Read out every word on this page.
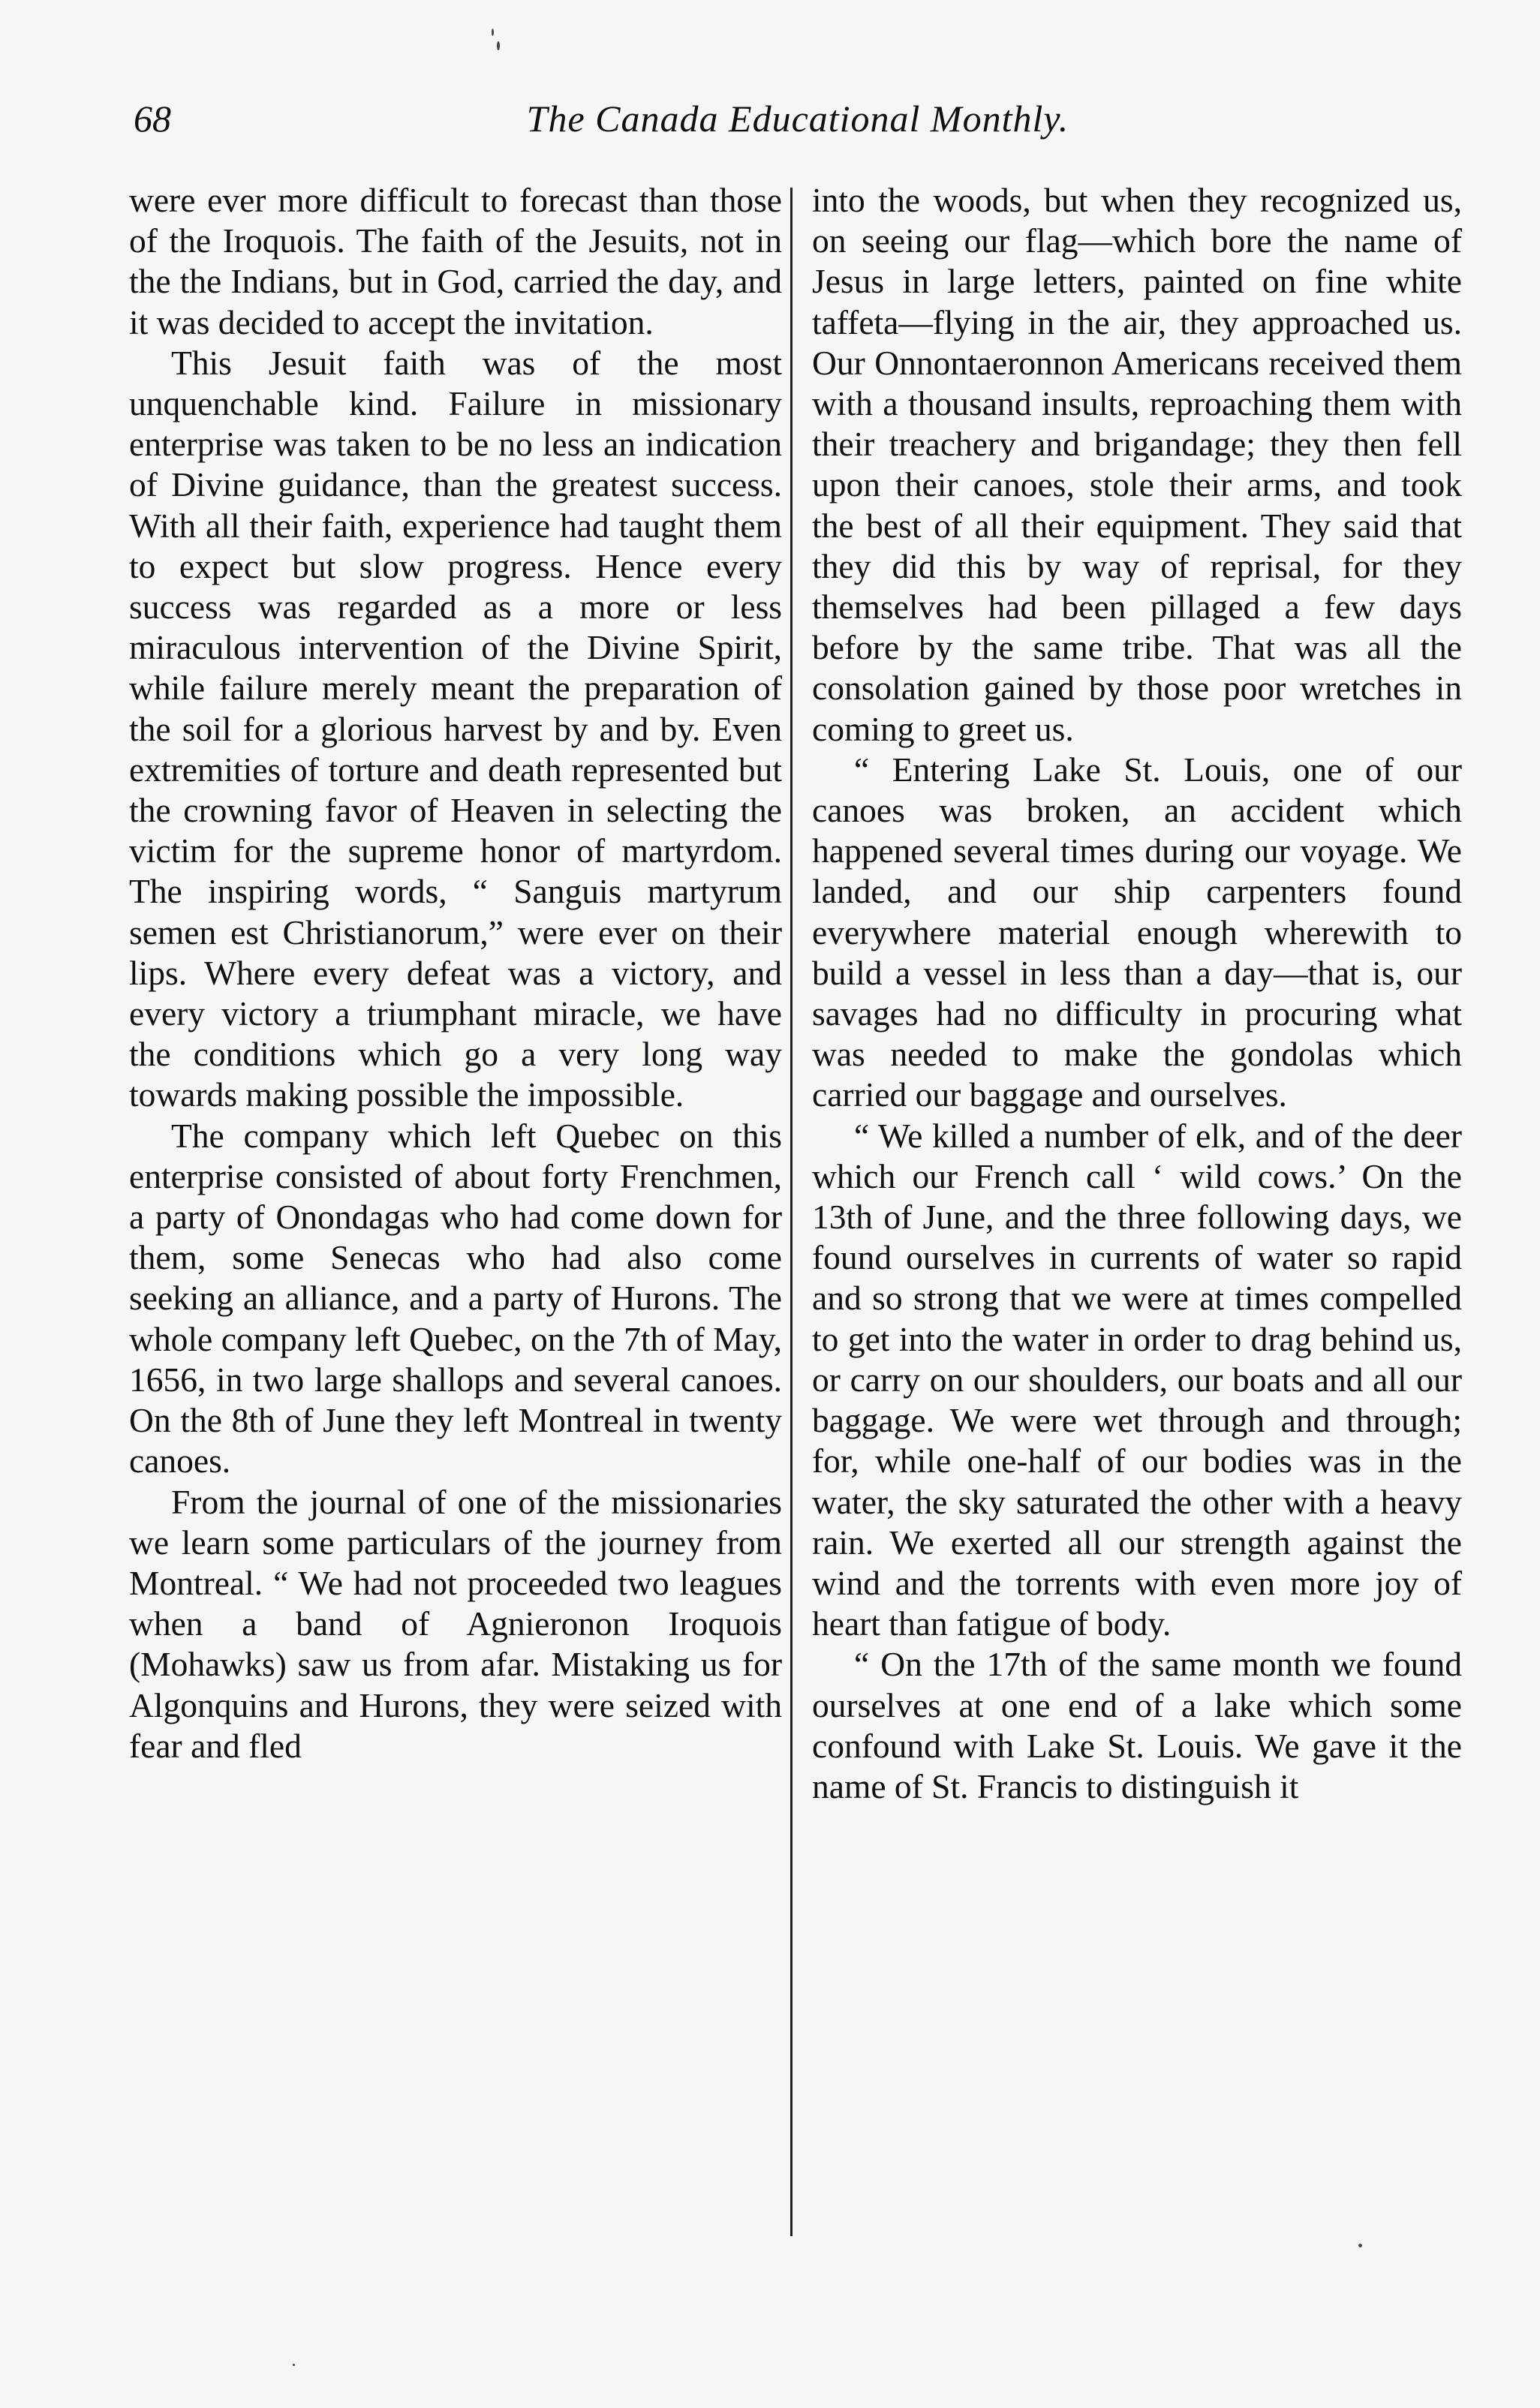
68	The Canada Educational Monthly.

were ever more difficult to forecast than those of the Iroquois. The faith of the Jesuits, not in the the Indians, but in God, carried the day, and it was decided to accept the invitation.

This Jesuit faith was of the most unquenchable kind. Failure in missionary enterprise was taken to be no less an indication of Divine guidance, than the greatest success. With all their faith, experience had taught them to expect but slow progress. Hence every success was regarded as a more or less miraculous intervention of the Divine Spirit, while failure merely meant the preparation of the soil for a glorious harvest by and by. Even extremities of torture and death represented but the crowning favor of Heaven in selecting the victim for the supreme honor of martyrdom. The inspiring words, “ Sanguis martyrum semen est Christianorum,” were ever on their lips. Where every defeat was a victory, and every victory a triumphant miracle, we have the conditions which go a very long way towards making possible the impossible.

The company which left Quebec on this enterprise consisted of about forty Frenchmen, a party of Onondagas who had come down for them, some Senecas who had also come seeking an alliance, and a party of Hurons. The whole company left Quebec, on the 7th of May, 1656, in two large shallops and several canoes. On the 8th of June they left Montreal in twenty canoes.

From the journal of one of the missionaries we learn some particulars of the journey from Montreal. “ We had not proceeded two leagues when a band of Agnieronon Iroquois (Mohawks) saw us from afar. Mistaking us for Algonquins and Hurons, they were seized with fear and fled

into the woods, but when they recognized us, on seeing our flag—which bore the name of Jesus in large letters, painted on fine white taffeta—flying in the air, they approached us. Our Onnontaeronnon Americans received them with a thousand insults, reproaching them with their treachery and brigandage; they then fell upon their canoes, stole their arms, and took the best of all their equipment. They said that they did this by way of reprisal, for they themselves had been pillaged a few days before by the same tribe. That was all the consolation gained by those poor wretches in coming to greet us.

“ Entering Lake St. Louis, one of our canoes was broken, an accident which happened several times during our voyage. We landed, and our ship carpenters found everywhere material enough wherewith to build a vessel in less than a day—that is, our savages had no difficulty in procuring what was needed to make the gondolas which carried our baggage and ourselves.

“ We killed a number of elk, and of the deer which our French call ‘ wild cows.’ On the 13th of June, and the three following days, we found ourselves in currents of water so rapid and so strong that we were at times compelled to get into the water in order to drag behind us, or carry on our shoulders, our boats and all our baggage. We were wet through and through; for, while one-half of our bodies was in the water, the sky saturated the other with a heavy rain. We exerted all our strength against the wind and the torrents with even more joy of heart than fatigue of body.

“ On the 17th of the same month we found ourselves at one end of a lake which some confound with Lake St. Louis. We gave it the name of St. Francis to distinguish it
